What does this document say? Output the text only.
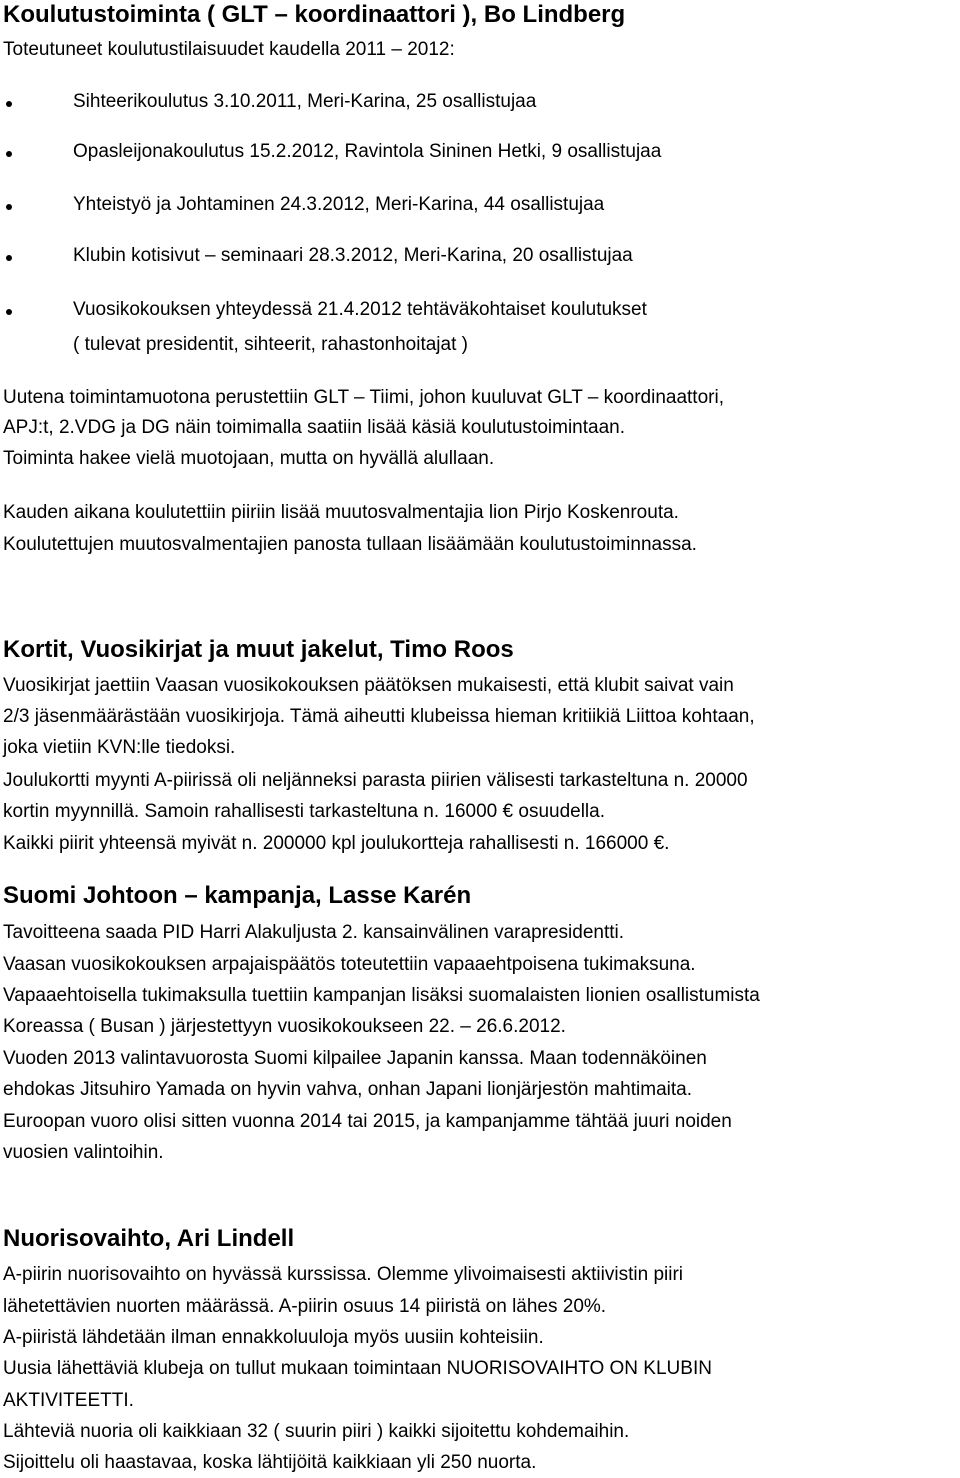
Koulutustoiminta ( GLT – koordinaattori ), Bo Lindberg
Toteutuneet koulutustilaisuudet kaudella 2011 – 2012:
Sihteerikoulutus 3.10.2011, Meri-Karina, 25 osallistujaa
Opasleijonakoulutus 15.2.2012, Ravintola Sininen Hetki, 9 osallistujaa
Yhteistyö ja Johtaminen 24.3.2012, Meri-Karina, 44 osallistujaa
Klubin kotisivut – seminaari 28.3.2012, Meri-Karina, 20 osallistujaa
Vuosikokouksen yhteydessä 21.4.2012 tehtäväkohtaiset koulutukset
( tulevat presidentit, sihteerit, rahastonhoitajat )
Uutena toimintamuotona perustettiin GLT – Tiimi, johon kuuluvat GLT – koordinaattori,
APJ:t, 2.VDG ja DG näin toimimalla saatiin lisää käsiä koulutustoimintaan.
Toiminta hakee vielä muotojaan, mutta on hyvällä alullaan.
Kauden aikana koulutettiin piiriin lisää muutosvalmentajia lion Pirjo Koskenrouta.
Koulutettujen muutosvalmentajien panosta tullaan lisäämään koulutustoiminnassa.
Kortit, Vuosikirjat ja muut jakelut, Timo Roos
Vuosikirjat jaettiin Vaasan vuosikokouksen päätöksen mukaisesti, että klubit saivat vain
2/3 jäsenmäärästään vuosikirjoja. Tämä aiheutti klubeissa hieman kritiikiä Liittoa kohtaan,
joka vietiin KVN:lle tiedoksi.
Joulukortti myynti A-piirissä oli neljänneksi parasta piirien välisesti tarkasteltuna n. 20000
kortin myynnillä. Samoin rahallisesti tarkasteltuna n. 16000 € osuudella.
Kaikki piirit yhteensä myivät n. 200000 kpl joulukortteja rahallisesti n. 166000 €.
Suomi Johtoon – kampanja, Lasse Karén
Tavoitteena saada PID Harri Alakuljusta 2. kansainvälinen varapresidentti.
Vaasan vuosikokouksen arpajaispäätös toteutettiin vapaaehtpoisena tukimaksuna.
Vapaaehtoisella tukimaksulla tuettiin kampanjan lisäksi suomalaisten lionien osallistumista
Koreassa ( Busan ) järjestettyyn vuosikokoukseen 22. – 26.6.2012.
Vuoden 2013 valintavuorosta Suomi kilpailee Japanin kanssa. Maan todennäköinen
ehdokas Jitsuhiro Yamada on hyvin vahva, onhan Japani lionjärjestön mahtimaita.
Euroopan vuoro olisi sitten vuonna 2014 tai 2015, ja kampanjamme tähtää juuri noiden
vuosien valintoihin.
Nuorisovaihto, Ari Lindell
A-piirin nuorisovaihto on hyvässä kurssissa. Olemme ylivoimaisesti aktiivistin piiri
lähetettävien nuorten määrässä. A-piirin osuus 14 piiristä on lähes 20%.
A-piiristä lähdetään ilman ennakkoluuloja myös uusiin kohteisiin.
Uusia lähettäviä klubeja on tullut mukaan toimintaan NUORISOVAIHTO ON KLUBIN
AKTIVITEETTI.
Lähteviä nuoria oli kaikkiaan 32 ( suurin piiri ) kaikki sijoitettu kohdemaihin.
Sijoittelu oli haastavaa, koska lähtijöitä kaikkiaan yli 250 nuorta.
